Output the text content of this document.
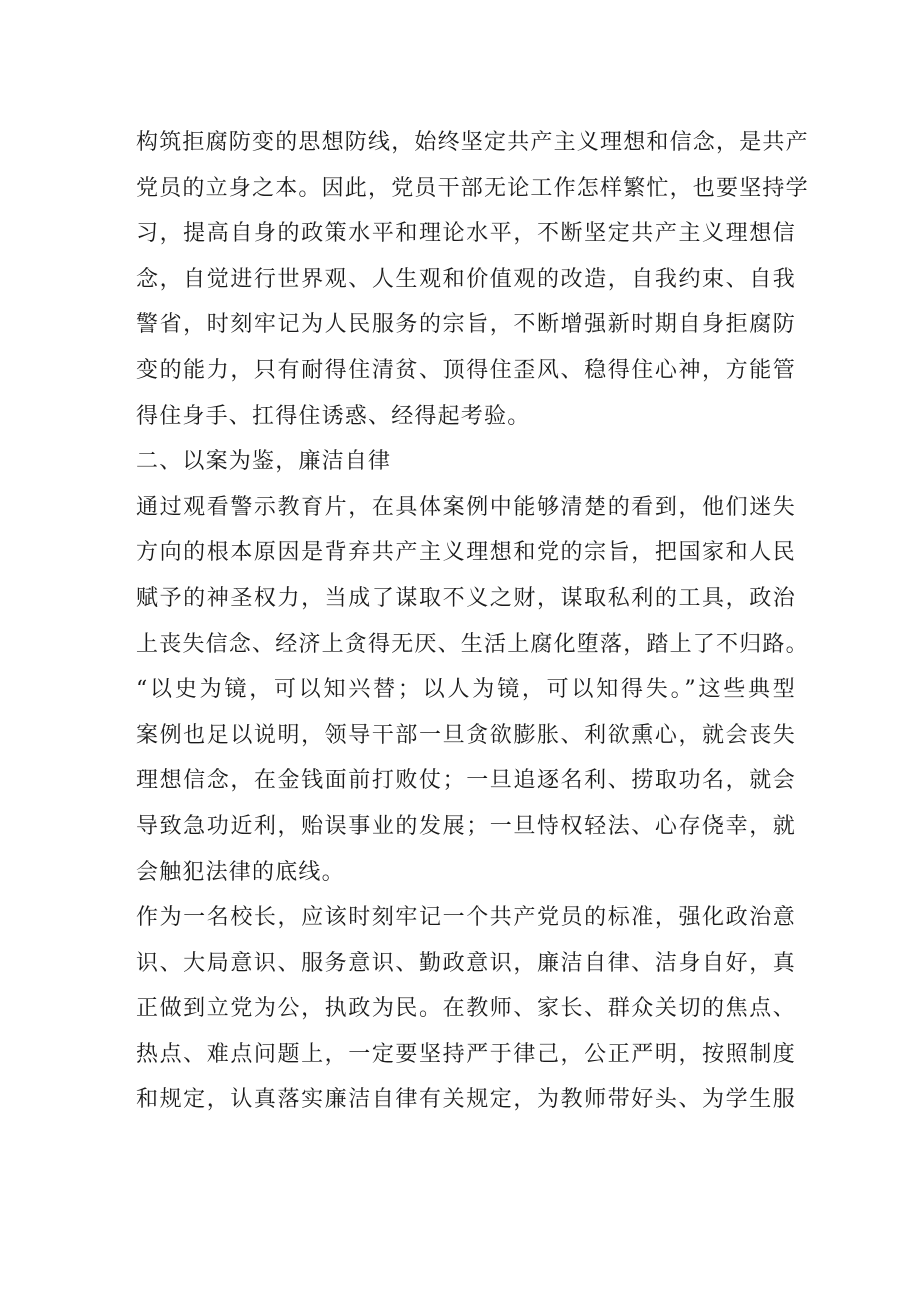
构筑拒腐防变的思想防线，始终坚定共产主义理想和信念，是共产
党员的立身之本。因此，党员干部无论工作怎样繁忙，也要坚持学
习，提高自身的政策水平和理论水平，不断坚定共产主义理想信
念，自觉进行世界观、人生观和价值观的改造，自我约束、自我
警省，时刻牢记为人民服务的宗旨，不断增强新时期自身拒腐防
变的能力，只有耐得住清贫、顶得住歪风、稳得住心神，方能管
得住身手、扛得住诱惑、经得起考验。
二、以案为鉴，廉洁自律
通过观看警示教育片，在具体案例中能够清楚的看到，他们迷失
方向的根本原因是背弃共产主义理想和党的宗旨，把国家和人民
赋予的神圣权力，当成了谋取不义之财，谋取私利的工具，政治
上丧失信念、经济上贪得无厌、生活上腐化堕落，踏上了不归路。
“以史为镜，可以知兴替；以人为镜，可以知得失。”这些典型
案例也足以说明，领导干部一旦贪欲膨胀、利欲熏心，就会丧失
理想信念，在金钱面前打败仗；一旦追逐名利、捞取功名，就会
导致急功近利，贻误事业的发展；一旦恃权轻法、心存侥幸，就
会触犯法律的底线。
作为一名校长，应该时刻牢记一个共产党员的标准，强化政治意
识、大局意识、服务意识、勤政意识，廉洁自律、洁身自好，真
正做到立党为公，执政为民。在教师、家长、群众关切的焦点、
热点、难点问题上，一定要坚持严于律己，公正严明，按照制度
和规定，认真落实廉洁自律有关规定，为教师带好头、为学生服
